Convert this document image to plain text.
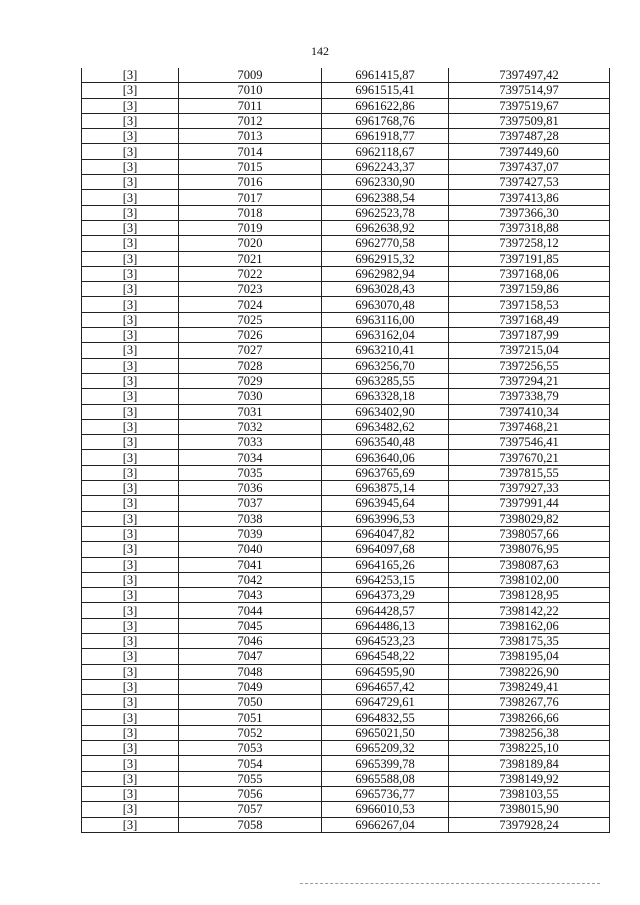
142
[3]	7009	6961415,87	7397497,42
[3]	7010	6961515,41	7397514,97
[3]	7011	6961622,86	7397519,67
[3]	7012	6961768,76	7397509,81
[3]	7013	6961918,77	7397487,28
[3]	7014	6962118,67	7397449,60
[3]	7015	6962243,37	7397437,07
[3]	7016	6962330,90	7397427,53
[3]	7017	6962388,54	7397413,86
[3]	7018	6962523,78	7397366,30
[3]	7019	6962638,92	7397318,88
[3]	7020	6962770,58	7397258,12
[3]	7021	6962915,32	7397191,85
[3]	7022	6962982,94	7397168,06
[3]	7023	6963028,43	7397159,86
[3]	7024	6963070,48	7397158,53
[3]	7025	6963116,00	7397168,49
[3]	7026	6963162,04	7397187,99
[3]	7027	6963210,41	7397215,04
[3]	7028	6963256,70	7397256,55
[3]	7029	6963285,55	7397294,21
[3]	7030	6963328,18	7397338,79
[3]	7031	6963402,90	7397410,34
[3]	7032	6963482,62	7397468,21
[3]	7033	6963540,48	7397546,41
[3]	7034	6963640,06	7397670,21
[3]	7035	6963765,69	7397815,55
[3]	7036	6963875,14	7397927,33
[3]	7037	6963945,64	7397991,44
[3]	7038	6963996,53	7398029,82
[3]	7039	6964047,82	7398057,66
[3]	7040	6964097,68	7398076,95
[3]	7041	6964165,26	7398087,63
[3]	7042	6964253,15	7398102,00
[3]	7043	6964373,29	7398128,95
[3]	7044	6964428,57	7398142,22
[3]	7045	6964486,13	7398162,06
[3]	7046	6964523,23	7398175,35
[3]	7047	6964548,22	7398195,04
[3]	7048	6964595,90	7398226,90
[3]	7049	6964657,42	7398249,41
[3]	7050	6964729,61	7398267,76
[3]	7051	6964832,55	7398266,66
[3]	7052	6965021,50	7398256,38
[3]	7053	6965209,32	7398225,10
[3]	7054	6965399,78	7398189,84
[3]	7055	6965588,08	7398149,92
[3]	7056	6965736,77	7398103,55
[3]	7057	6966010,53	7398015,90
[3]	7058	6966267,04	7397928,24
